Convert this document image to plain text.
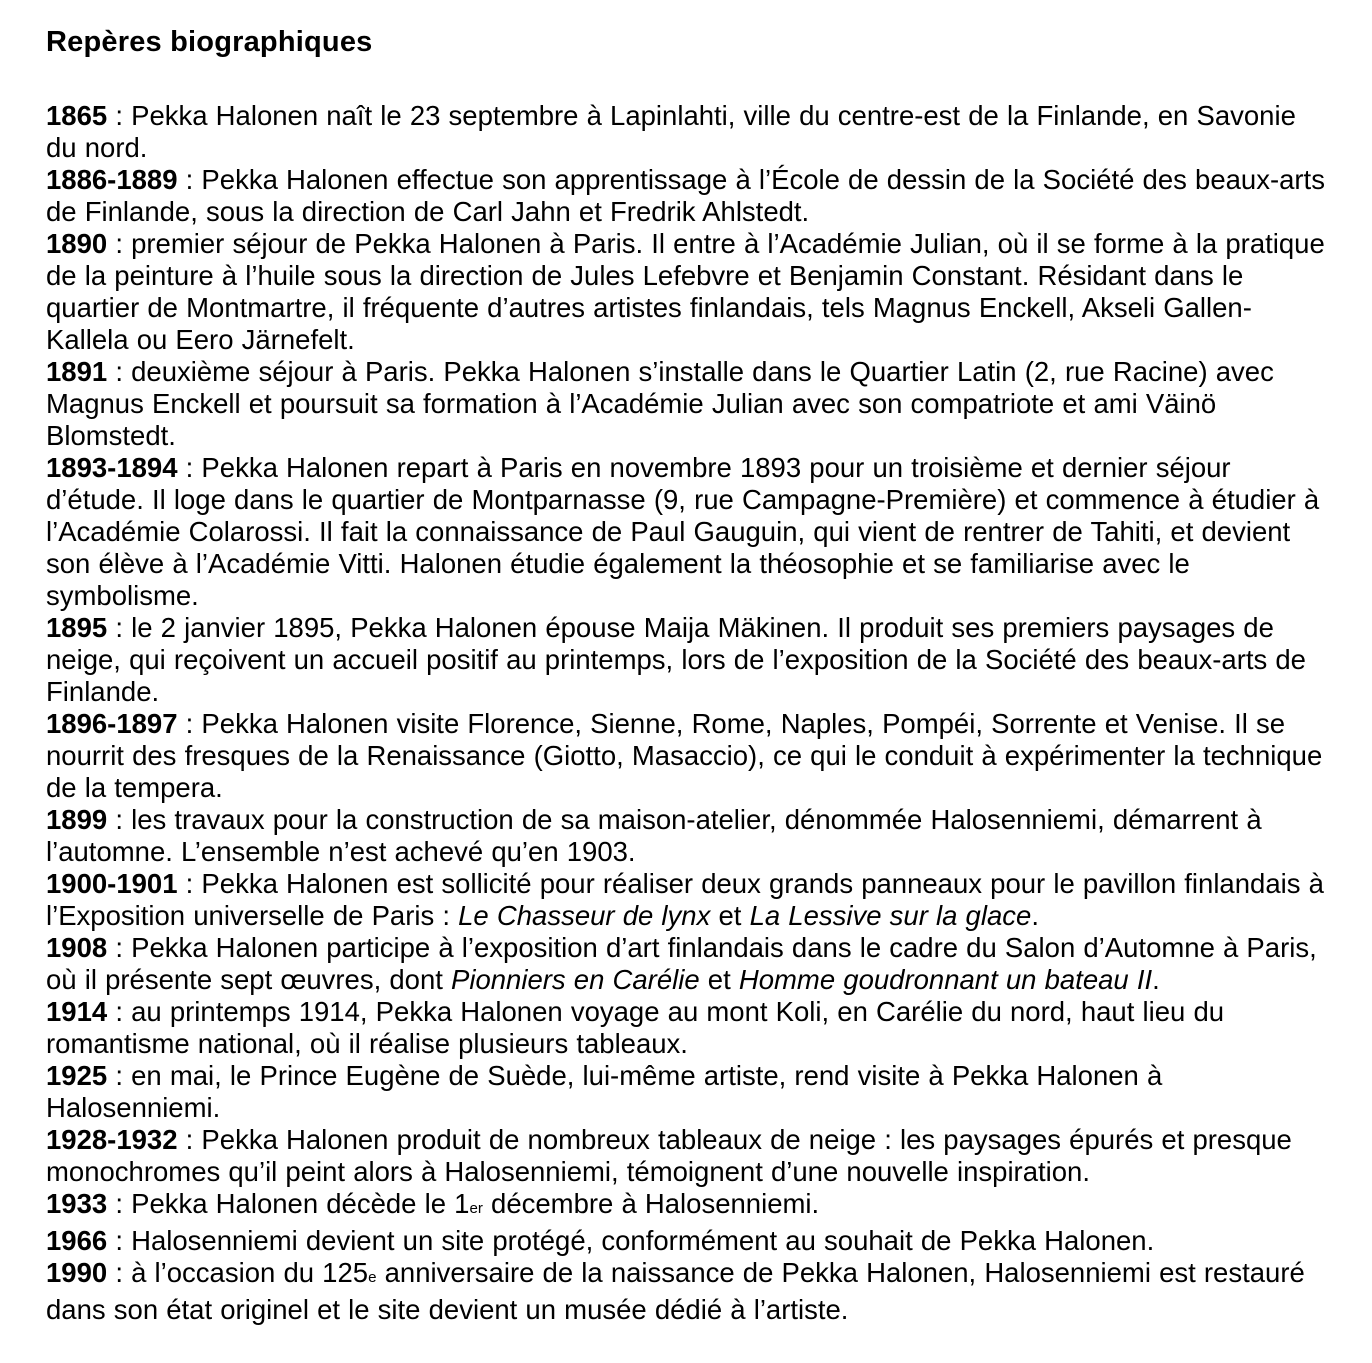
Repères biographiques

1865 : Pekka Halonen naît le 23 septembre à Lapinlahti, ville du centre-est de la Finlande, en Savonie du nord.

1886-1889 : Pekka Halonen effectue son apprentissage à l’École de dessin de la Société des beaux-arts de Finlande, sous la direction de Carl Jahn et Fredrik Ahlstedt.

1890 : premier séjour de Pekka Halonen à Paris. Il entre à l’Académie Julian, où il se forme à la pratique de la peinture à l’huile sous la direction de Jules Lefebvre et Benjamin Constant. Résidant dans le quartier de Montmartre, il fréquente d’autres artistes finlandais, tels Magnus Enckell, Akseli Gallen-Kallela ou Eero Järnefelt.

1891 : deuxième séjour à Paris. Pekka Halonen s’installe dans le Quartier Latin (2, rue Racine) avec Magnus Enckell et poursuit sa formation à l’Académie Julian avec son compatriote et ami Väinö Blomstedt.

1893-1894 : Pekka Halonen repart à Paris en novembre 1893 pour un troisième et dernier séjour d’étude. Il loge dans le quartier de Montparnasse (9, rue Campagne-Première) et commence à étudier à l’Académie Colarossi. Il fait la connaissance de Paul Gauguin, qui vient de rentrer de Tahiti, et devient son élève à l’Académie Vitti. Halonen étudie également la théosophie et se familiarise avec le symbolisme.

1895 : le 2 janvier 1895, Pekka Halonen épouse Maija Mäkinen. Il produit ses premiers paysages de neige, qui reçoivent un accueil positif au printemps, lors de l’exposition de la Société des beaux-arts de Finlande.

1896-1897 : Pekka Halonen visite Florence, Sienne, Rome, Naples, Pompéi, Sorrente et Venise. Il se nourrit des fresques de la Renaissance (Giotto, Masaccio), ce qui le conduit à expérimenter la technique de la tempera.

1899 : les travaux pour la construction de sa maison-atelier, dénommée Halosenniemi, démarrent à l’automne. L’ensemble n’est achevé qu’en 1903.

1900-1901 : Pekka Halonen est sollicité pour réaliser deux grands panneaux pour le pavillon finlandais à l’Exposition universelle de Paris : Le Chasseur de lynx et La Lessive sur la glace.

1908 : Pekka Halonen participe à l’exposition d’art finlandais dans le cadre du Salon d’Automne à Paris, où il présente sept œuvres, dont Pionniers en Carélie et Homme goudronnant un bateau II.

1914 : au printemps 1914, Pekka Halonen voyage au mont Koli, en Carélie du nord, haut lieu du romantisme national, où il réalise plusieurs tableaux.

1925 : en mai, le Prince Eugène de Suède, lui-même artiste, rend visite à Pekka Halonen à Halosenniemi.

1928-1932 : Pekka Halonen produit de nombreux tableaux de neige : les paysages épurés et presque monochromes qu’il peint alors à Halosenniemi, témoignent d’une nouvelle inspiration.

1933 : Pekka Halonen décède le 1er décembre à Halosenniemi.

1966 : Halosenniemi devient un site protégé, conformément au souhait de Pekka Halonen.

1990 : à l’occasion du 125e anniversaire de la naissance de Pekka Halonen, Halosenniemi est restauré dans son état originel et le site devient un musée dédié à l’artiste.
